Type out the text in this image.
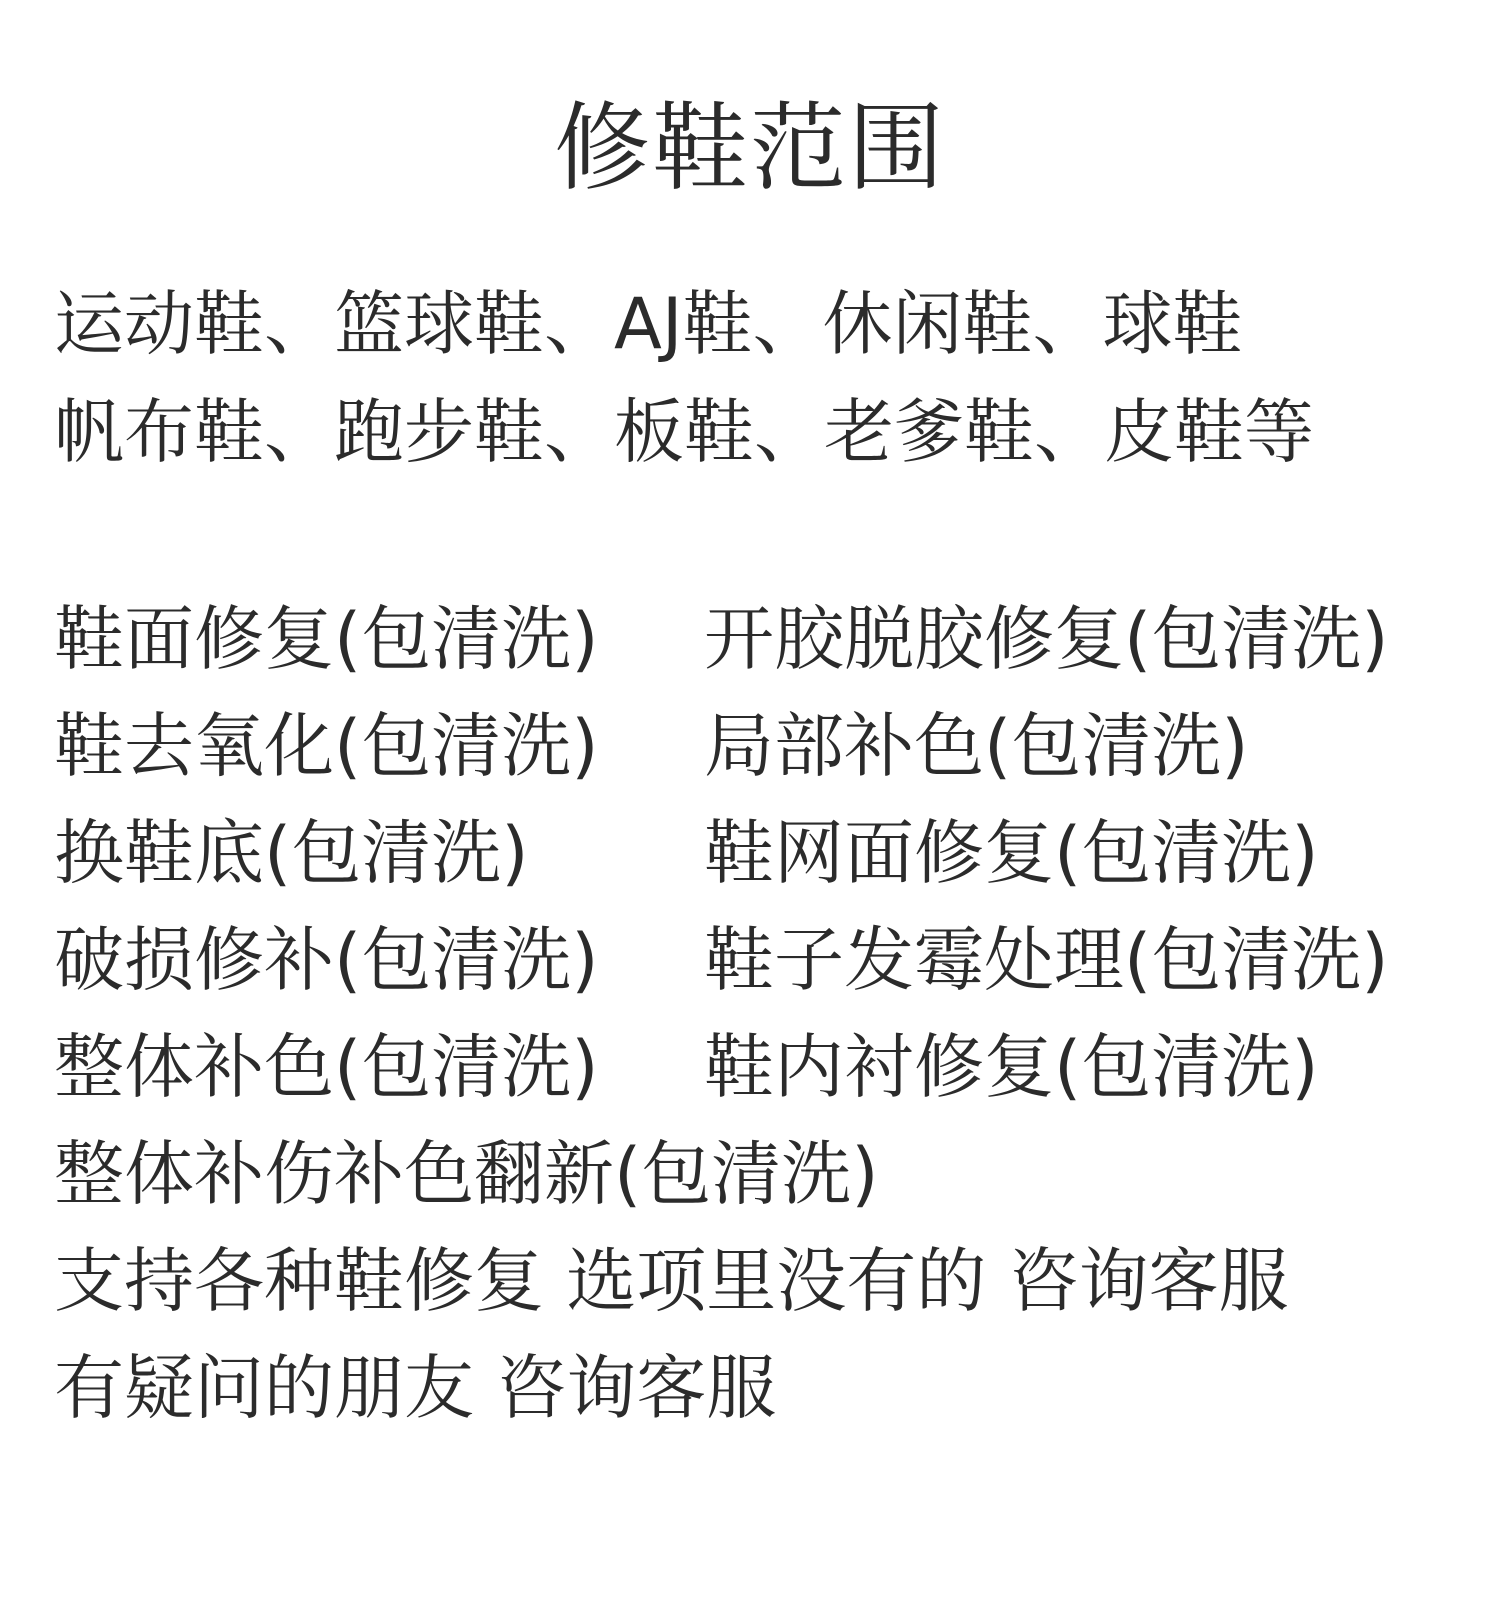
修鞋范围
运动鞋、篮球鞋、AJ鞋、休闲鞋、球鞋
帆布鞋、跑步鞋、板鞋、老爹鞋、皮鞋等
鞋面修复(包清洗) 开胶脱胶修复(包清洗)
鞋去氧化(包清洗) 局部补色(包清洗)
换鞋底(包清洗)	鞋网面修复(包清洗)
破损修补(包清洗) 鞋子发霉处理(包清洗)
整体补色(包清洗) 鞋内衬修复(包清洗)
整体补伤补色翻新(包清洗)
支持各种鞋修复 选项里没有的 咨询客服
有疑问的朋友 咨询客服
